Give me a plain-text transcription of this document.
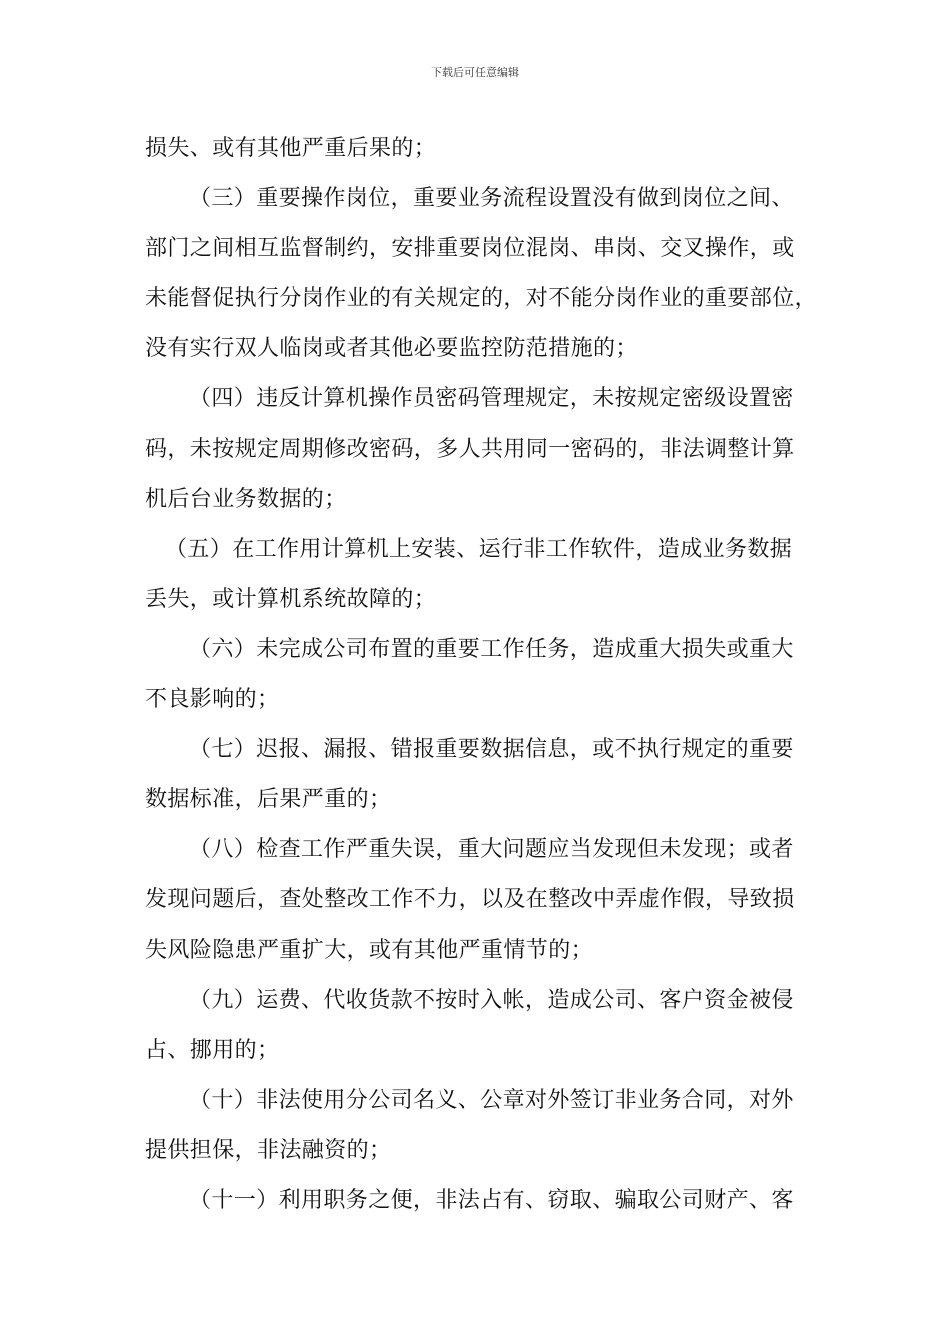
下载后可任意编辑
损失、或有其他严重后果的；
（三）重要操作岗位，重要业务流程设置没有做到岗位之间、
部门之间相互监督制约，安排重要岗位混岗、串岗、交叉操作，或
未能督促执行分岗作业的有关规定的，对不能分岗作业的重要部位，
没有实行双人临岗或者其他必要监控防范措施的；
（四）违反计算机操作员密码管理规定，未按规定密级设置密
码，未按规定周期修改密码，多人共用同一密码的，非法调整计算
机后台业务数据的；
（五）在工作用计算机上安装、运行非工作软件，造成业务数据
丢失，或计算机系统故障的；
（六）未完成公司布置的重要工作任务，造成重大损失或重大
不良影响的；
（七）迟报、漏报、错报重要数据信息，或不执行规定的重要
数据标准，后果严重的；
（八）检查工作严重失误，重大问题应当发现但未发现；或者
发现问题后，查处整改工作不力，以及在整改中弄虚作假，导致损
失风险隐患严重扩大，或有其他严重情节的；
（九）运费、代收货款不按时入帐，造成公司、客户资金被侵
占、挪用的；
（十）非法使用分公司名义、公章对外签订非业务合同，对外
提供担保，非法融资的；
（十一）利用职务之便，非法占有、窃取、骗取公司财产、客
